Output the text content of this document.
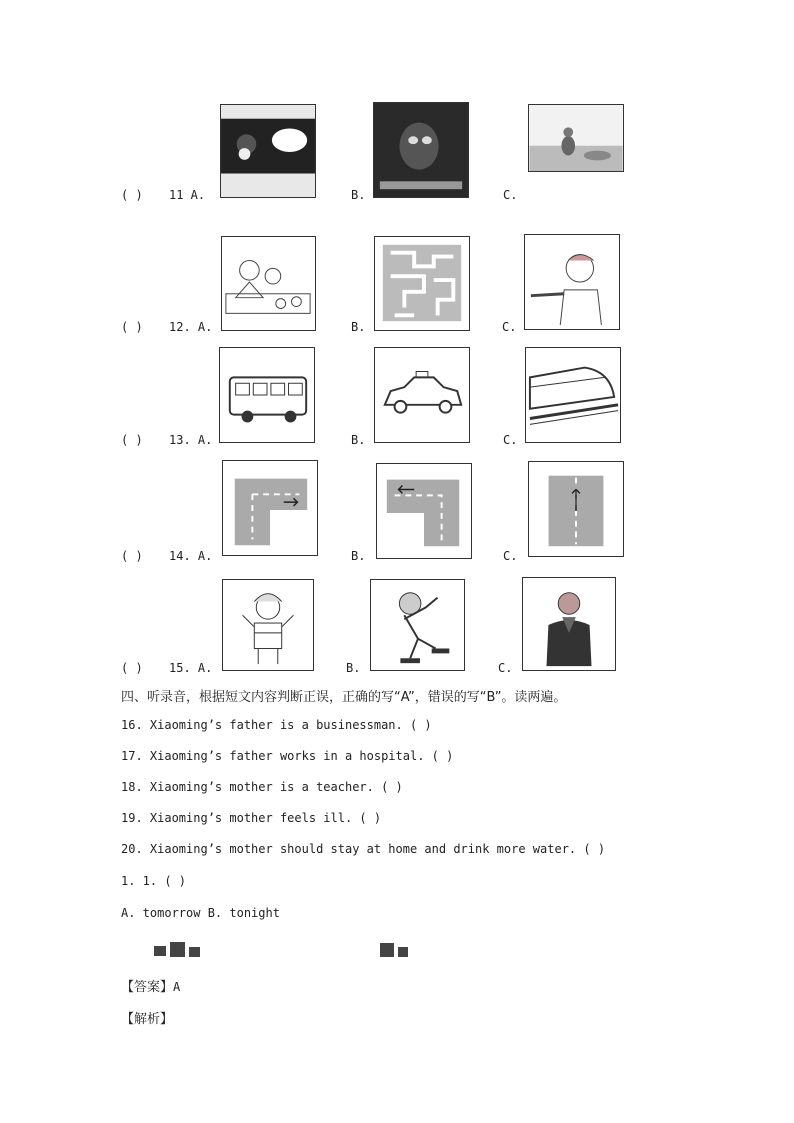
( ) 11 A.	B.	C.
( ) 12. A.	B.	C.
( ) 13. A.	B.	C.
( ) 14. A.	B.	C.
( ) 15. A.	B.	C.
四、听录音，根据短文内容判断正误，正确的写“A”，错误的写“B”。读两遍。
16. Xiaoming’s father is a businessman. ( )
17. Xiaoming’s father works in a hospital. ( )
18. Xiaoming’s mother is a teacher. ( )
19. Xiaoming’s mother feels ill. ( )
20. Xiaoming’s mother should stay at home and drink more water. ( )
1. 1. ( )
A. tomorrow B. tonight
【答案】A
【解析】
